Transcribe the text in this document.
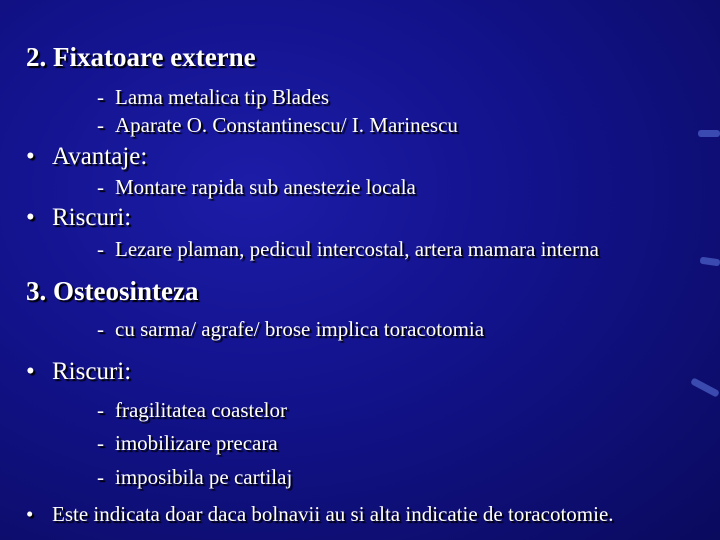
2. Fixatoare externe
- Lama metalica tip Blades
- Aparate O. Constantinescu/ I. Marinescu
• Avantaje:
- Montare rapida sub anestezie locala
• Riscuri:
- Lezare plaman, pedicul intercostal, artera mamara interna
3. Osteosinteza
- cu sarma/ agrafe/ brose implica toracotomia
• Riscuri:
- fragilitatea coastelor
- imobilizare precara
- imposibila pe cartilaj
• Este indicata doar daca bolnavii au si alta indicatie de toracotomie.
